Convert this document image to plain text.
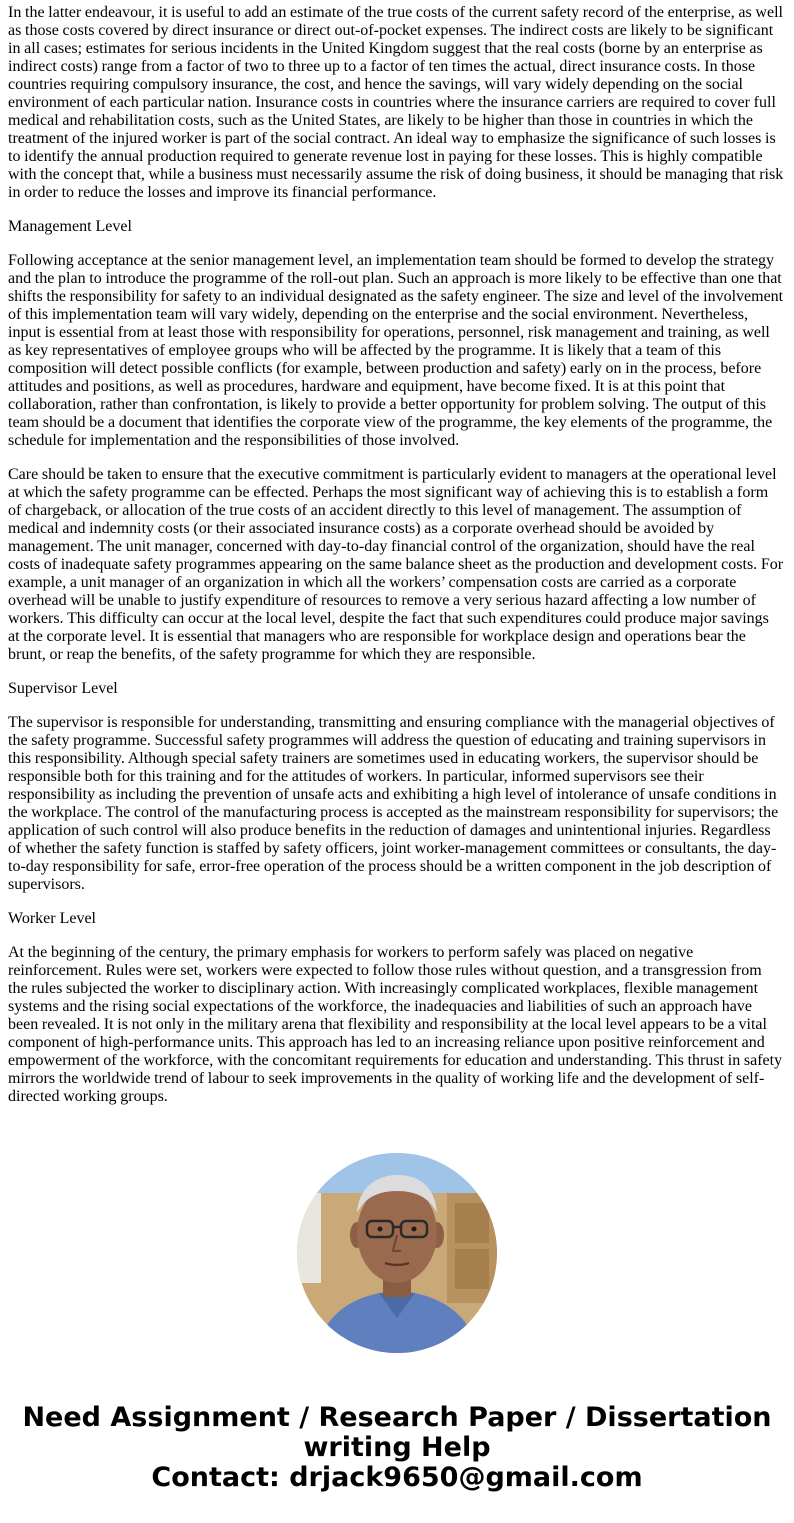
In the latter endeavour, it is useful to add an estimate of the true costs of the current safety record of the enterprise, as well as those costs covered by direct insurance or direct out-of-pocket expenses. The indirect costs are likely to be significant in all cases; estimates for serious incidents in the United Kingdom suggest that the real costs (borne by an enterprise as indirect costs) range from a factor of two to three up to a factor of ten times the actual, direct insurance costs. In those countries requiring compulsory insurance, the cost, and hence the savings, will vary widely depending on the social environment of each particular nation. Insurance costs in countries where the insurance carriers are required to cover full medical and rehabilitation costs, such as the United States, are likely to be higher than those in countries in which the treatment of the injured worker is part of the social contract. An ideal way to emphasize the significance of such losses is to identify the annual production required to generate revenue lost in paying for these losses. This is highly compatible with the concept that, while a business must necessarily assume the risk of doing business, it should be managing that risk in order to reduce the losses and improve its financial performance.

Management Level

Following acceptance at the senior management level, an implementation team should be formed to develop the strategy and the plan to introduce the programme of the roll-out plan. Such an approach is more likely to be effective than one that shifts the responsibility for safety to an individual designated as the safety engineer. The size and level of the involvement of this implementation team will vary widely, depending on the enterprise and the social environment. Nevertheless, input is essential from at least those with responsibility for operations, personnel, risk management and training, as well as key representatives of employee groups who will be affected by the programme. It is likely that a team of this composition will detect possible conflicts (for example, between production and safety) early on in the process, before attitudes and positions, as well as procedures, hardware and equipment, have become fixed. It is at this point that collaboration, rather than confrontation, is likely to provide a better opportunity for problem solving. The output of this team should be a document that identifies the corporate view of the programme, the key elements of the programme, the schedule for implementation and the responsibilities of those involved.

Care should be taken to ensure that the executive commitment is particularly evident to managers at the operational level at which the safety programme can be effected. Perhaps the most significant way of achieving this is to establish a form of chargeback, or allocation of the true costs of an accident directly to this level of management. The assumption of medical and indemnity costs (or their associated insurance costs) as a corporate overhead should be avoided by management. The unit manager, concerned with day-to-day financial control of the organization, should have the real costs of inadequate safety programmes appearing on the same balance sheet as the production and development costs. For example, a unit manager of an organization in which all the workers’ compensation costs are carried as a corporate overhead will be unable to justify expenditure of resources to remove a very serious hazard affecting a low number of workers. This difficulty can occur at the local level, despite the fact that such expenditures could produce major savings at the corporate level. It is essential that managers who are responsible for workplace design and operations bear the brunt, or reap the benefits, of the safety programme for which they are responsible.

Supervisor Level

The supervisor is responsible for understanding, transmitting and ensuring compliance with the managerial objectives of the safety programme. Successful safety programmes will address the question of educating and training supervisors in this responsibility. Although special safety trainers are sometimes used in educating workers, the supervisor should be responsible both for this training and for the attitudes of workers. In particular, informed supervisors see their responsibility as including the prevention of unsafe acts and exhibiting a high level of intolerance of unsafe conditions in the workplace. The control of the manufacturing process is accepted as the mainstream responsibility for supervisors; the application of such control will also produce benefits in the reduction of damages and unintentional injuries. Regardless of whether the safety function is staffed by safety officers, joint worker-management committees or consultants, the day-to-day responsibility for safe, error-free operation of the process should be a written component in the job description of supervisors.

Worker Level

At the beginning of the century, the primary emphasis for workers to perform safely was placed on negative reinforcement. Rules were set, workers were expected to follow those rules without question, and a transgression from the rules subjected the worker to disciplinary action. With increasingly complicated workplaces, flexible management systems and the rising social expectations of the workforce, the inadequacies and liabilities of such an approach have been revealed. It is not only in the military arena that flexibility and responsibility at the local level appears to be a vital component of high-performance units. This approach has led to an increasing reliance upon positive reinforcement and empowerment of the workforce, with the concomitant requirements for education and understanding. This thrust in safety mirrors the worldwide trend of labour to seek improvements in the quality of working life and the development of self-directed working groups.

Need Assignment / Research Paper / Dissertation writing Help
Contact: drjack9650@gmail.com
